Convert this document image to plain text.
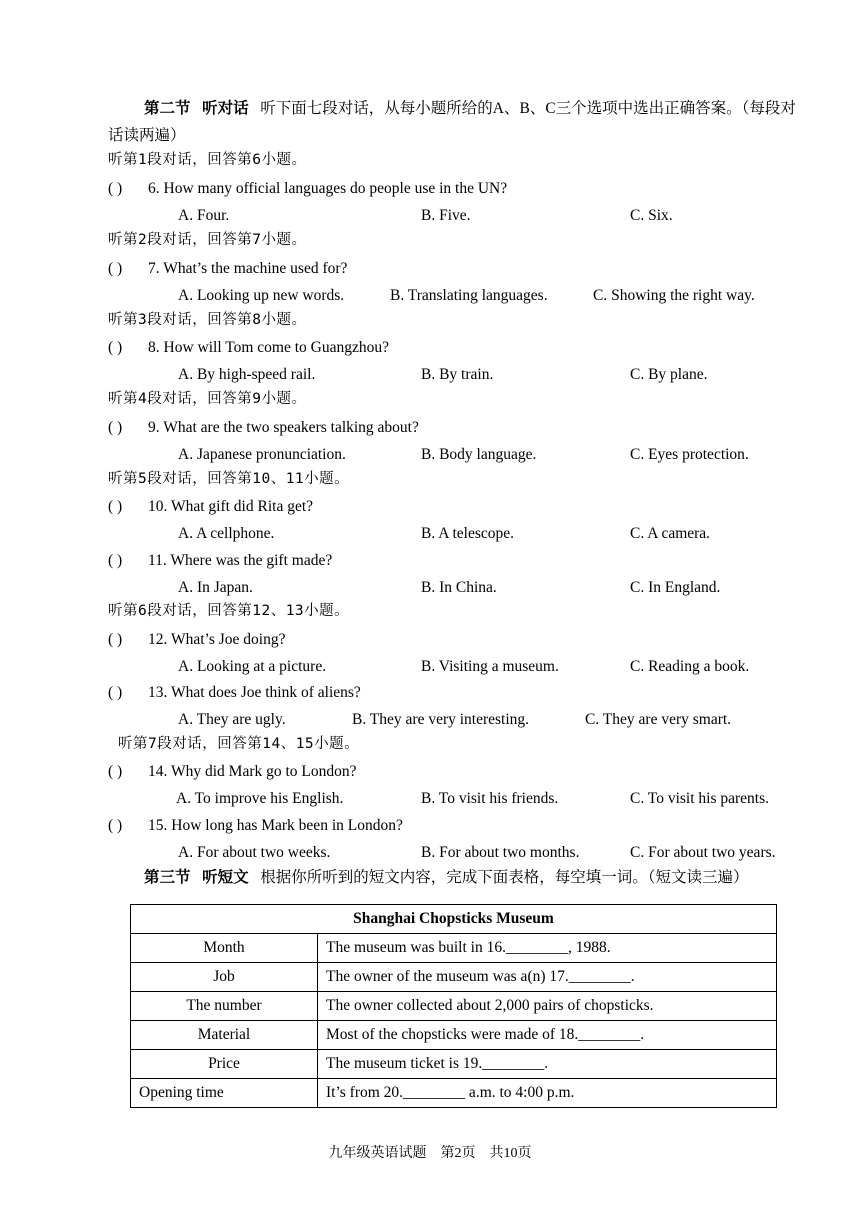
第二节 听对话 听下面七段对话，从每小题所给的A、B、C三个选项中选出正确答案。（每段对话读两遍）
听第1段对话，回答第6小题。
( ) 6. How many official languages do people use in the UN?
A. Four.	B. Five.	C. Six.
听第2段对话，回答第7小题。
( ) 7. What’s the machine used for?
A. Looking up new words.	B. Translating languages.	C. Showing the right way.
听第3段对话，回答第8小题。
( ) 8. How will Tom come to Guangzhou?
A. By high-speed rail.	B. By train.	C. By plane.
听第4段对话，回答第9小题。
( ) 9. What are the two speakers talking about?
A. Japanese pronunciation.	B. Body language.	C. Eyes protection.
听第5段对话，回答第10、11小题。
( ) 10. What gift did Rita get?
A. A cellphone.	B. A telescope.	C. A camera.
( ) 11. Where was the gift made?
A. In Japan.	B. In China.	C. In England.
听第6段对话，回答第12、13小题。
( ) 12. What’s Joe doing?
A. Looking at a picture.	B. Visiting a museum.	C. Reading a book.
( ) 13. What does Joe think of aliens?
A. They are ugly.	B. They are very interesting.	C. They are very smart.
听第7段对话，回答第14、15小题。
( ) 14. Why did Mark go to London?
A. To improve his English.	B. To visit his friends.	C. To visit his parents.
( ) 15. How long has Mark been in London?
A. For about two weeks.	B. For about two months.	C. For about two years.
第三节 听短文 根据你所听到的短文内容，完成下面表格，每空填一词。（短文读三遍）
Shanghai Chopsticks Museum	
Month	The museum was built in 16.________, 1988.
Job	The owner of the museum was a(n) 17.________.
The number	The owner collected about 2,000 pairs of chopsticks.
Material	Most of the chopsticks were made of 18.________.
Price	The museum ticket is 19.________.
Opening time	It’s from 20.________ a.m. to 4:00 p.m.
九年级英语试题　第2页　共10页
